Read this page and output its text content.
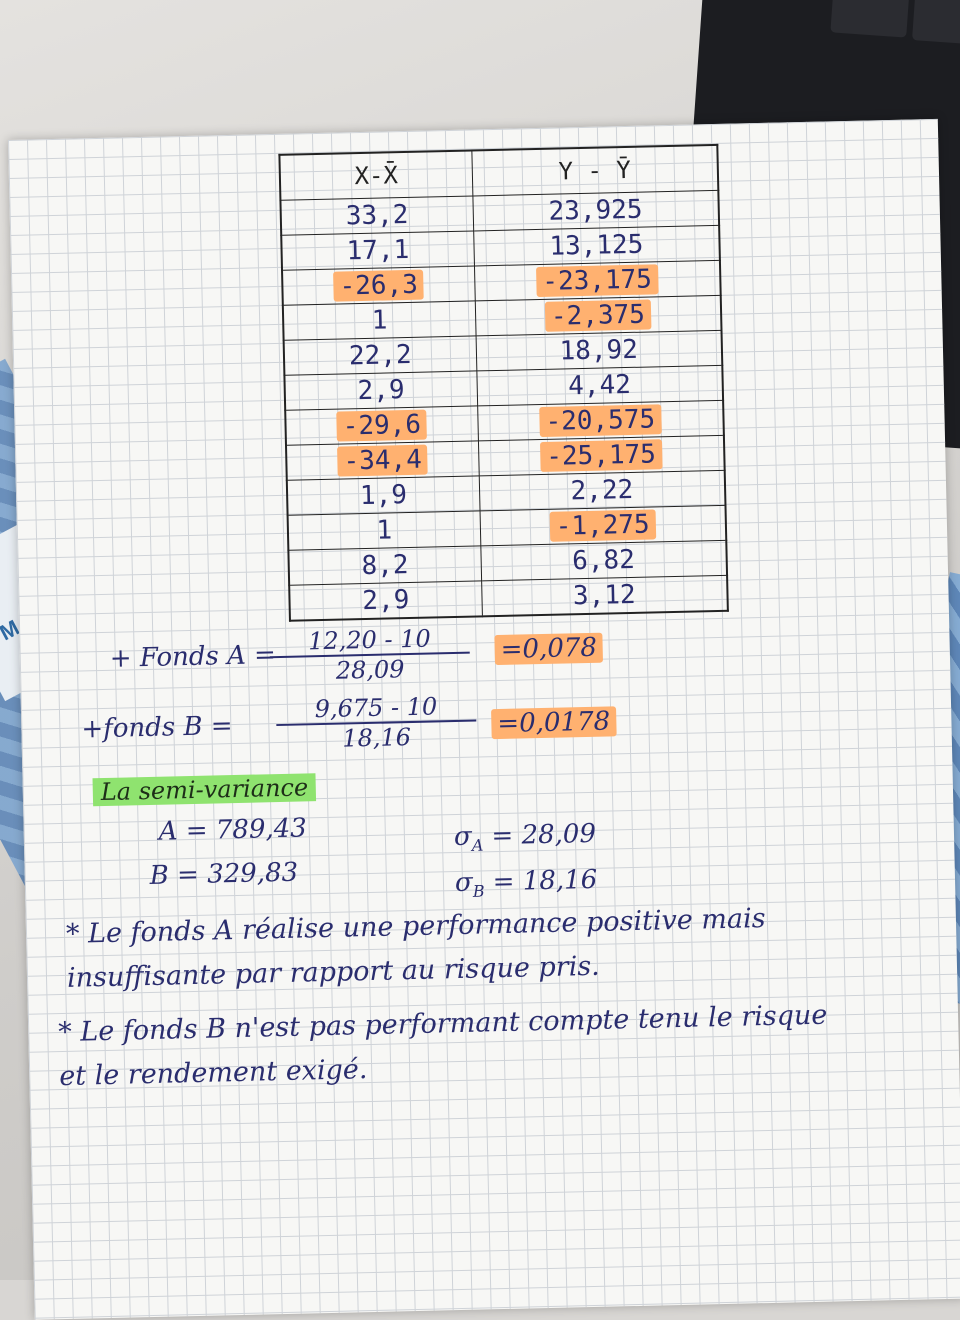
X-X̄	Y - Ȳ
33,2	23,925
17,1	13,125
-26,3	-23,175
1	-2,375
22,2	18,92
2,9	4,42
-29,6	-20,575
-34,4	-25,175
1,9	2,22
1	-1,275
8,2	6,82
2,9	3,12
+ Fonds A =
$\frac{12,20 - 10}{28,09} =0,078$
+fonds $B = \frac{9,675 - 10}{18,16} =0,0178$
La semi-variance
A = 789,43
B = 329,83
$\sigma_A = 28,09$
$\sigma_B = 18,16$
* Le fonds A réalise une performance positive mais
insuffisante par rapport au risque pris.
* Le fonds B n'est pas performant compte tenu le risque
et le rendement exigé.
